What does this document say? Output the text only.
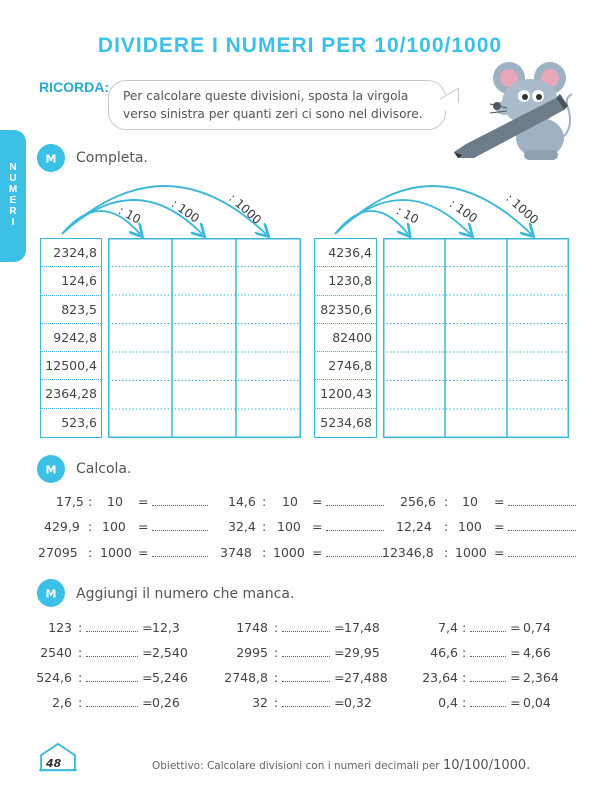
DIVIDERE I NUMERI PER 10/100/1000
RICORDA:
Per calcolare queste divisioni, sposta la virgola
verso sinistra per quanti zeri ci sono nel divisore.
N
U
M
E
R
I
M Completa.
: 10 : 100 : 1000	: 10 : 100 : 1000
2324,8
124,6
823,5
9242,8
12500,4
2364,28
523,6
4236,4
1230,8
82350,6
82400
2746,8
1200,43
5234,68
M Calcola.
17,5 : 10 =	14,6 : 10 =	256,6 : 10 =
429,9 : 100 =	32,4 : 100 =	12,24 : 100 =
27095 : 1000 =	3748 : 1000 =	12346,8 : 1000 =
M Aggiungi il numero che manca.
123 :	= 12,3	1748 :	= 17,48	7,4 :	= 0,74
2540 :	= 2,540	2995 :	= 29,95	46,6 :	= 4,66
524,6 :	= 5,246	2748,8 :	= 27,488	23,64 :	= 2,364
2,6 :	= 0,26	32 :	= 0,32	0,4 :	= 0,04
48	Obiettivo: Calcolare divisioni con i numeri decimali per 10/100/1000.
